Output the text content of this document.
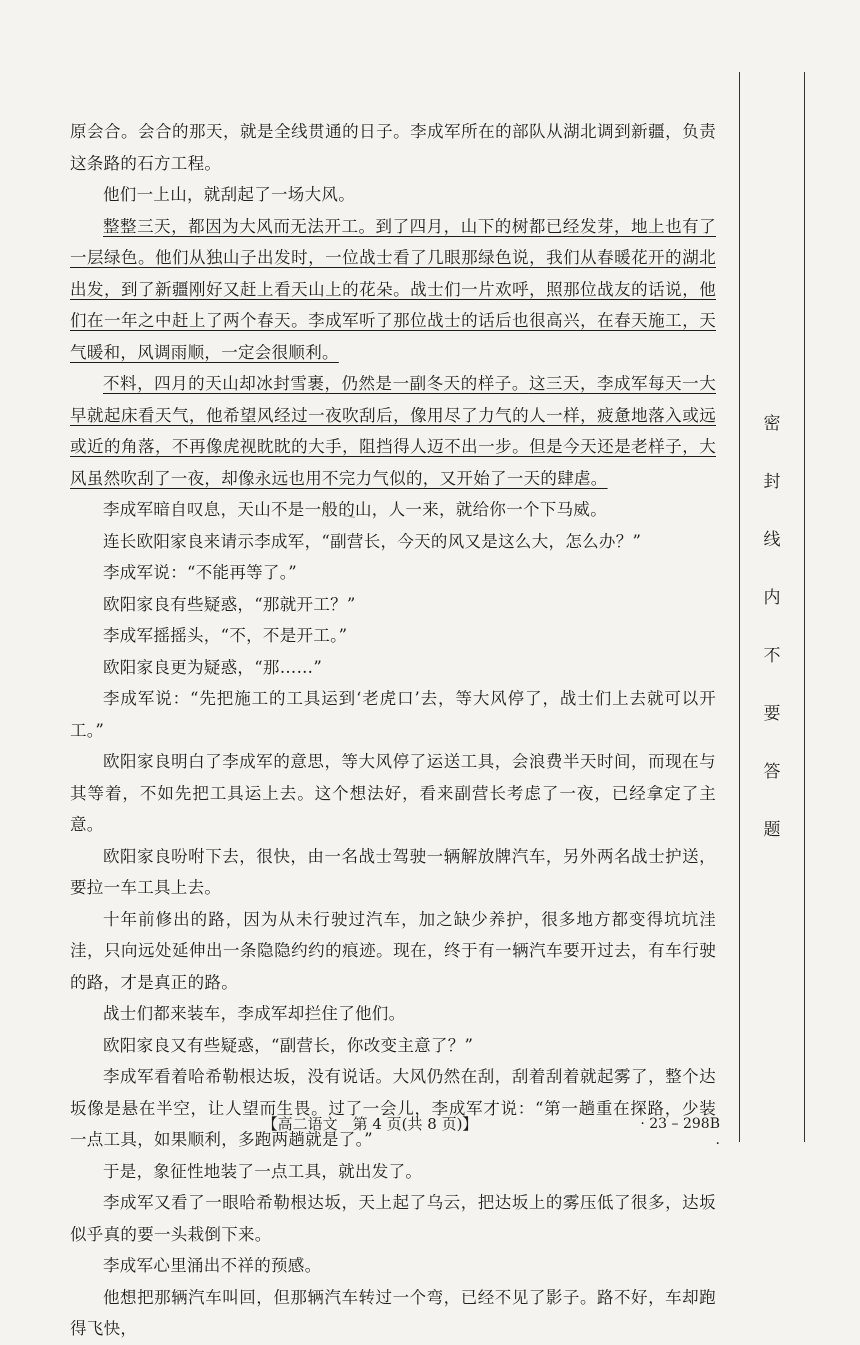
原会合。会合的那天，就是全线贯通的日子。李成军所在的部队从湖北调到新疆，负责这条路的石方工程。

他们一上山，就刮起了一场大风。

整整三天，都因为大风而无法开工。到了四月，山下的树都已经发芽，地上也有了一层绿色。他们从独山子出发时，一位战士看了几眼那绿色说，我们从春暖花开的湖北出发，到了新疆刚好又赶上看天山上的花朵。战士们一片欢呼，照那位战友的话说，他们在一年之中赶上了两个春天。李成军听了那位战士的话后也很高兴，在春天施工，天气暖和，风调雨顺，一定会很顺利。

不料，四月的天山却冰封雪裹，仍然是一副冬天的样子。这三天，李成军每天一大早就起床看天气，他希望风经过一夜吹刮后，像用尽了力气的人一样，疲惫地落入或远或近的角落，不再像虎视眈眈的大手，阻挡得人迈不出一步。但是今天还是老样子，大风虽然吹刮了一夜，却像永远也用不完力气似的，又开始了一天的肆虐。

李成军暗自叹息，天山不是一般的山，人一来，就给你一个下马威。

连长欧阳家良来请示李成军，“副营长，今天的风又是这么大，怎么办？”

李成军说：“不能再等了。”

欧阳家良有些疑惑，“那就开工？”

李成军摇摇头，“不，不是开工。”

欧阳家良更为疑惑，“那……”

李成军说：“先把施工的工具运到‘老虎口’去，等大风停了，战士们上去就可以开工。”

欧阳家良明白了李成军的意思，等大风停了运送工具，会浪费半天时间，而现在与其等着，不如先把工具运上去。这个想法好，看来副营长考虑了一夜，已经拿定了主意。

欧阳家良吩咐下去，很快，由一名战士驾驶一辆解放牌汽车，另外两名战士护送，要拉一车工具上去。

十年前修出的路，因为从未行驶过汽车，加之缺少养护，很多地方都变得坑坑洼洼，只向远处延伸出一条隐隐约约的痕迹。现在，终于有一辆汽车要开过去，有车行驶的路，才是真正的路。

战士们都来装车，李成军却拦住了他们。

欧阳家良又有些疑惑，“副营长，你改变主意了？”

李成军看着哈希勒根达坂，没有说话。大风仍然在刮，刮着刮着就起雾了，整个达坂像是悬在半空，让人望而生畏。过了一会儿，李成军才说：“第一趟重在探路，少装一点工具，如果顺利，多跑两趟就是了。”

于是，象征性地装了一点工具，就出发了。

李成军又看了一眼哈希勒根达坂，天上起了乌云，把达坂上的雾压低了很多，达坂似乎真的要一头栽倒下来。

李成军心里涌出不祥的预感。

他想把那辆汽车叫回，但那辆汽车转过一个弯，已经不见了影子。路不好，车却跑得飞快，

密
封
线
内
不
要
答
题
【高二语文　第 4 页(共 8 页)】	· 23 – 298B ·
